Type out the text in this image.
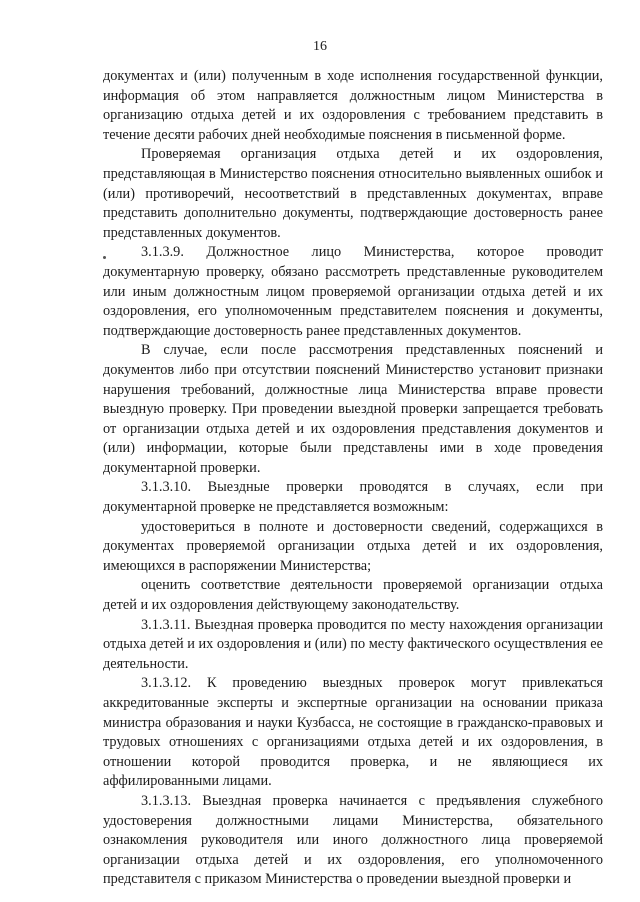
16

документах и (или) полученным в ходе исполнения государственной функции, информация об этом направляется должностным лицом Министерства в организацию отдыха детей и их оздоровления с требованием представить в течение десяти рабочих дней необходимые пояснения в письменной форме.

Проверяемая организация отдыха детей и их оздоровления, представляющая в Министерство пояснения относительно выявленных ошибок и (или) противоречий, несоответствий в представленных документах, вправе представить дополнительно документы, подтверждающие достоверность ранее представленных документов.

3.1.3.9. Должностное лицо Министерства, которое проводит документарную проверку, обязано рассмотреть представленные руководителем или иным должностным лицом проверяемой организации отдыха детей и их оздоровления, его уполномоченным представителем пояснения и документы, подтверждающие достоверность ранее представленных документов.

В случае, если после рассмотрения представленных пояснений и документов либо при отсутствии пояснений Министерство установит признаки нарушения требований, должностные лица Министерства вправе провести выездную проверку. При проведении выездной проверки запрещается требовать от организации отдыха детей и их оздоровления представления документов и (или) информации, которые были представлены ими в ходе проведения документарной проверки.

3.1.3.10. Выездные проверки проводятся в случаях, если при документарной проверке не представляется возможным:

удостовериться в полноте и достоверности сведений, содержащихся в документах проверяемой организации отдыха детей и их оздоровления, имеющихся в распоряжении Министерства;

оценить соответствие деятельности проверяемой организации отдыха детей и их оздоровления действующему законодательству.

3.1.3.11. Выездная проверка проводится по месту нахождения организации отдыха детей и их оздоровления и (или) по месту фактического осуществления ее деятельности.

3.1.3.12. К проведению выездных проверок могут привлекаться аккредитованные эксперты и экспертные организации на основании приказа министра образования и науки Кузбасса, не состоящие в гражданско-правовых и трудовых отношениях с организациями отдыха детей и их оздоровления, в отношении которой проводится проверка, и не являющиеся их аффилированными лицами.

3.1.3.13. Выездная проверка начинается с предъявления служебного удостоверения должностными лицами Министерства, обязательного ознакомления руководителя или иного должностного лица проверяемой организации отдыха детей и их оздоровления, его уполномоченного представителя с приказом Министерства о проведении выездной проверки и
